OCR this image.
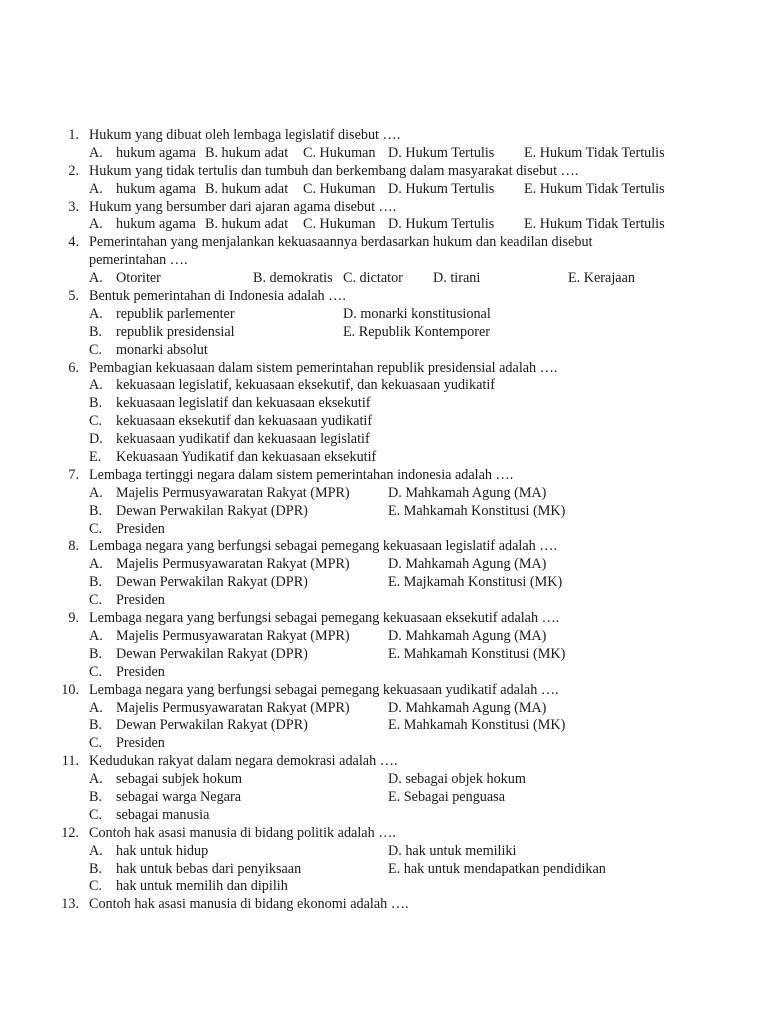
1. Hukum yang dibuat oleh lembaga legislatif disebut ….
A. hukum agama B. hukum adat C. Hukuman D. Hukum Tertulis E. Hukum Tidak Tertulis
2. Hukum yang tidak tertulis dan tumbuh dan berkembang dalam masyarakat disebut ….
A. hukum agama B. hukum adat C. Hukuman D. Hukum Tertulis E. Hukum Tidak Tertulis
3. Hukum yang bersumber dari ajaran agama disebut ….
A. hukum agama B. hukum adat C. Hukuman D. Hukum Tertulis E. Hukum Tidak Tertulis
4. Pemerintahan yang menjalankan kekuasaannya berdasarkan hukum dan keadilan disebut
pemerintahan ….
A. Otoriter	B. demokratis C. dictator D. tirani	E. Kerajaan
5. Bentuk pemerintahan di Indonesia adalah ….
A. republik parlementer	D. monarki konstitusional
B. republik presidensial	E. Republik Kontemporer
C. monarki absolut
6. Pembagian kekuasaan dalam sistem pemerintahan republik presidensial adalah ….
A. kekuasaan legislatif, kekuasaan eksekutif, dan kekuasaan yudikatif
B. kekuasaan legislatif dan kekuasaan eksekutif
C. kekuasaan eksekutif dan kekuasaan yudikatif
D. kekuasaan yudikatif dan kekuasaan legislatif
E. Kekuasaan Yudikatif dan kekuasaan eksekutif
7. Lembaga tertinggi negara dalam sistem pemerintahan indonesia adalah ….
A. Majelis Permusyawaratan Rakyat (MPR)	D. Mahkamah Agung (MA)
B. Dewan Perwakilan Rakyat (DPR)	E. Mahkamah Konstitusi (MK)
C. Presiden
8. Lembaga negara yang berfungsi sebagai pemegang kekuasaan legislatif adalah ….
A. Majelis Permusyawaratan Rakyat (MPR)	D. Mahkamah Agung (MA)
B. Dewan Perwakilan Rakyat (DPR)	E. Majkamah Konstitusi (MK)
C. Presiden
9. Lembaga negara yang berfungsi sebagai pemegang kekuasaan eksekutif adalah ….
A. Majelis Permusyawaratan Rakyat (MPR)	D. Mahkamah Agung (MA)
B. Dewan Perwakilan Rakyat (DPR)	E. Mahkamah Konstitusi (MK)
C. Presiden
10. Lembaga negara yang berfungsi sebagai pemegang kekuasaan yudikatif adalah ….
A. Majelis Permusyawaratan Rakyat (MPR)	D. Mahkamah Agung (MA)
B. Dewan Perwakilan Rakyat (DPR)	E. Mahkamah Konstitusi (MK)
C. Presiden
11. Kedudukan rakyat dalam negara demokrasi adalah ….
A. sebagai subjek hokum	D. sebagai objek hokum
B. sebagai warga Negara	E. Sebagai penguasa
C. sebagai manusia
12. Contoh hak asasi manusia di bidang politik adalah ….
A. hak untuk hidup	D. hak untuk memiliki
B. hak untuk bebas dari penyiksaan	E. hak untuk mendapatkan pendidikan
C. hak untuk memilih dan dipilih
13. Contoh hak asasi manusia di bidang ekonomi adalah ….
